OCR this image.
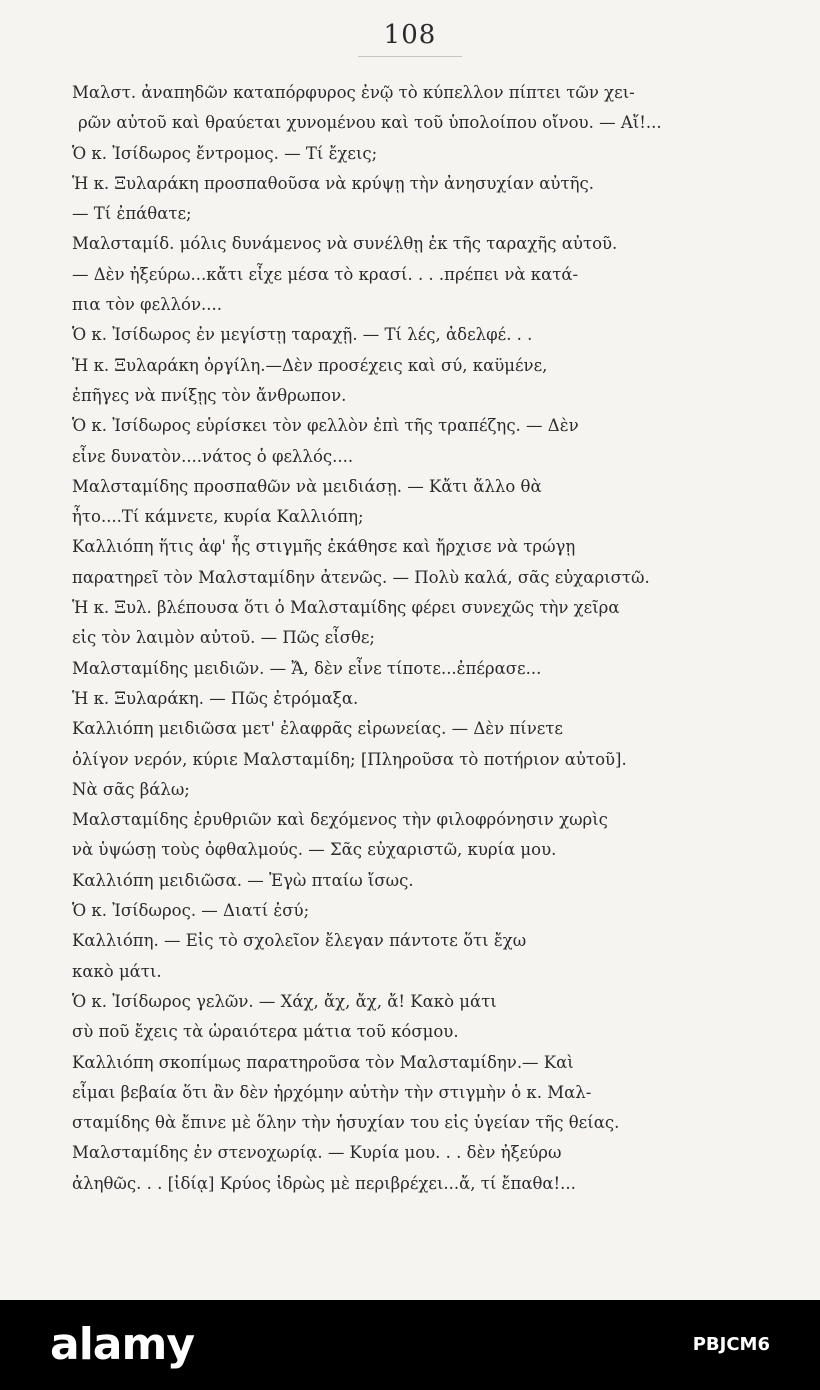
108
Μαλστ. ἀναπηδῶν καταπόρφυρος ἐνῷ τὸ κύπελλον πίπτει τῶν χει-
ρῶν αὐτοῦ καὶ θραύεται χυνομένου καὶ τοῦ ὑπολοίπου οἴνου. — Αἴ!...
Ὁ κ. Ἰσίδωρος ἔντρομος. — Τί ἔχεις;
Ἡ κ. Ξυλαράκη προσπαθοῦσα νὰ κρύψῃ τὴν ἀνησυχίαν αὐτῆς.
— Τί ἐπάθατε;
Μαλσταμίδ. μόλις δυνάμενος νὰ συνέλθῃ ἐκ τῆς ταραχῆς αὐτοῦ.
— Δὲν ἠξεύρω...κἄτι εἶχε μέσα τὸ κρασί. . . .πρέπει νὰ κατά-
πια τὸν φελλόν....
Ὁ κ. Ἰσίδωρος ἐν μεγίστῃ ταραχῇ. — Τί λές, ἀδελφέ. . .
Ἡ κ. Ξυλαράκη ὀργίλη.—Δὲν προσέχεις καὶ σύ, καϋμένε,
ἐπῆγες νὰ πνίξῃς τὸν ἄνθρωπον.
Ὁ κ. Ἰσίδωρος εὑρίσκει τὸν φελλὸν ἐπὶ τῆς τραπέζης. — Δὲν
εἶνε δυνατὸν....νάτος ὁ φελλός....
Μαλσταμίδης προσπαθῶν νὰ μειδιάσῃ. — Κἄτι ἄλλο θὰ
ἦτο....Τί κάμνετε, κυρία Καλλιόπη;
Καλλιόπη ἥτις ἀφ' ἧς στιγμῆς ἐκάθησε καὶ ἤρχισε νὰ τρώγῃ
παρατηρεῖ τὸν Μαλσταμίδην ἀτενῶς. — Πολὺ καλά, σᾶς εὐχαριστῶ.
Ἡ κ. Ξυλ. βλέπουσα ὅτι ὁ Μαλσταμίδης φέρει συνεχῶς τὴν χεῖρα
εἰς τὸν λαιμὸν αὐτοῦ. — Πῶς εἶσθε;
Μαλσταμίδης μειδιῶν. — Ἄ, δὲν εἶνε τίποτε...ἐπέρασε...
Ἡ κ. Ξυλαράκη. — Πῶς ἐτρόμαξα.
Καλλιόπη μειδιῶσα μετ' ἐλαφρᾶς εἰρωνείας. — Δὲν πίνετε
ὀλίγον νερόν, κύριε Μαλσταμίδη; [Πληροῦσα τὸ ποτήριον αὐτοῦ].
Νὰ σᾶς βάλω;
Μαλσταμίδης ἐρυθριῶν καὶ δεχόμενος τὴν φιλοφρόνησιν χωρὶς
νὰ ὑψώσῃ τοὺς ὀφθαλμούς. — Σᾶς εὐχαριστῶ, κυρία μου.
Καλλιόπη μειδιῶσα. — Ἐγὼ πταίω ἴσως.
Ὁ κ. Ἰσίδωρος. — Διατί ἐσύ;
Καλλιόπη. — Εἰς τὸ σχολεῖον ἔλεγαν πάντοτε ὅτι ἔχω
κακὸ μάτι.
Ὁ κ. Ἰσίδωρος γελῶν. — Χάχ, ἄχ, ἄχ, ἄ! Κακὸ μάτι
σὺ ποῦ ἔχεις τὰ ὡραιότερα μάτια τοῦ κόσμου.
Καλλιόπη σκοπίμως παρατηροῦσα τὸν Μαλσταμίδην.— Καὶ
εἶμαι βεβαία ὅτι ἂν δὲν ἠρχόμην αὐτὴν τὴν στιγμὴν ὁ κ. Μαλ-
σταμίδης θὰ ἔπινε μὲ ὅλην τὴν ἡσυχίαν του εἰς ὑγείαν τῆς θείας.
Μαλσταμίδης ἐν στενοχωρίᾳ. — Κυρία μου. . . δὲν ἠξεύρω
ἀληθῶς. . . [ἰδίᾳ] Κρύος ἱδρὼς μὲ περιβρέχει...ἄ, τί ἔπαθα!...
alamy	PBJCM6
